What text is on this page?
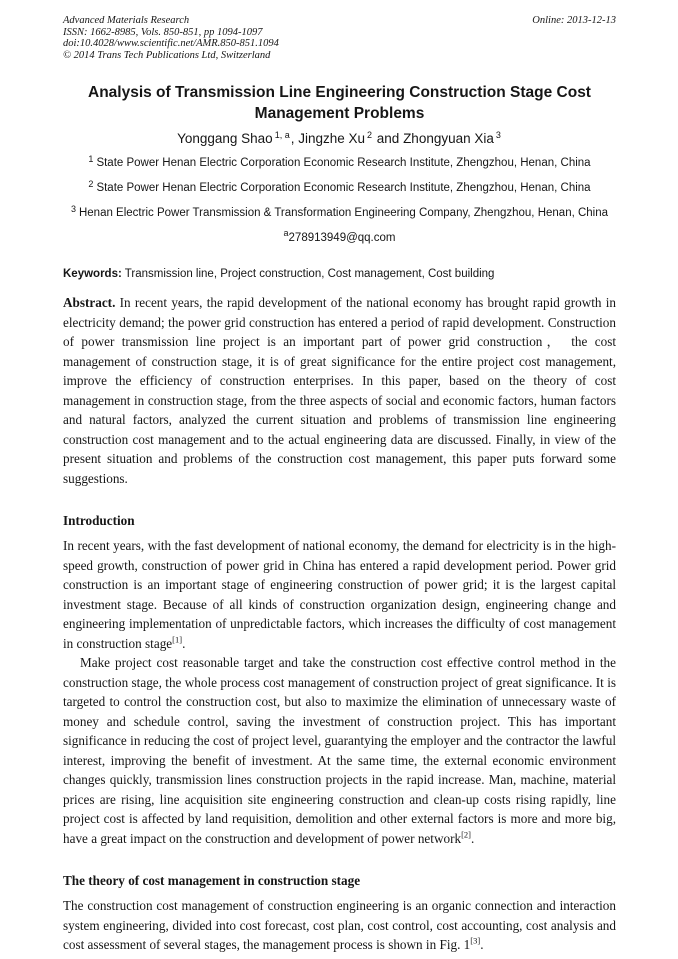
Advanced Materials Research
ISSN: 1662-8985, Vols. 850-851, pp 1094-1097
doi:10.4028/www.scientific.net/AMR.850-851.1094
© 2014 Trans Tech Publications Ltd, Switzerland
Online: 2013-12-13
Analysis of Transmission Line Engineering Construction Stage Cost Management Problems
Yonggang Shao $^{1, a}$, Jingzhe Xu $^2$ and Zhongyuan Xia $^3$
$^1$ State Power Henan Electric Corporation Economic Research Institute, Zhengzhou, Henan, China
$^2$ State Power Henan Electric Corporation Economic Research Institute, Zhengzhou, Henan, China
$^3$ Henan Electric Power Transmission & Transformation Engineering Company, Zhengzhou, Henan, China
$^a$278913949@qq.com
Keywords: Transmission line, Project construction, Cost management, Cost building
Abstract. In recent years, the rapid development of the national economy has brought rapid growth in electricity demand; the power grid construction has entered a period of rapid development. Construction of power transmission line project is an important part of power grid construction， the cost management of construction stage, it is of great significance for the entire project cost management, improve the efficiency of construction enterprises. In this paper, based on the theory of cost management in construction stage, from the three aspects of social and economic factors, human factors and natural factors, analyzed the current situation and problems of transmission line engineering construction cost management and to the actual engineering data are discussed. Finally, in view of the present situation and problems of the construction cost management, this paper puts forward some suggestions.
Introduction

In recent years, with the fast development of national economy, the demand for electricity is in the high-speed growth, construction of power grid in China has entered a rapid development period. Power grid construction is an important stage of engineering construction of power grid; it is the largest capital investment stage. Because of all kinds of construction organization design, engineering change and engineering implementation of unpredictable factors, which increases the difficulty of cost management in construction stage[1].

Make project cost reasonable target and take the construction cost effective control method in the construction stage, the whole process cost management of construction project of great significance. It is targeted to control the construction cost, but also to maximize the elimination of unnecessary waste of money and schedule control, saving the investment of construction project. This has important significance in reducing the cost of project level, guarantying the employer and the contractor the lawful interest, improving the benefit of investment. At the same time, the external economic environment changes quickly, transmission lines construction projects in the rapid increase. Man, machine, material prices are rising, line acquisition site engineering construction and clean-up costs rising rapidly, line project cost is affected by land requisition, demolition and other external factors is more and more big, have a great impact on the construction and development of power network[2].

The theory of cost management in construction stage

The construction cost management of construction engineering is an organic connection and interaction system engineering, divided into cost forecast, cost plan, cost control, cost accounting, cost analysis and cost assessment of several stages, the management process is shown in Fig. 1[3].
